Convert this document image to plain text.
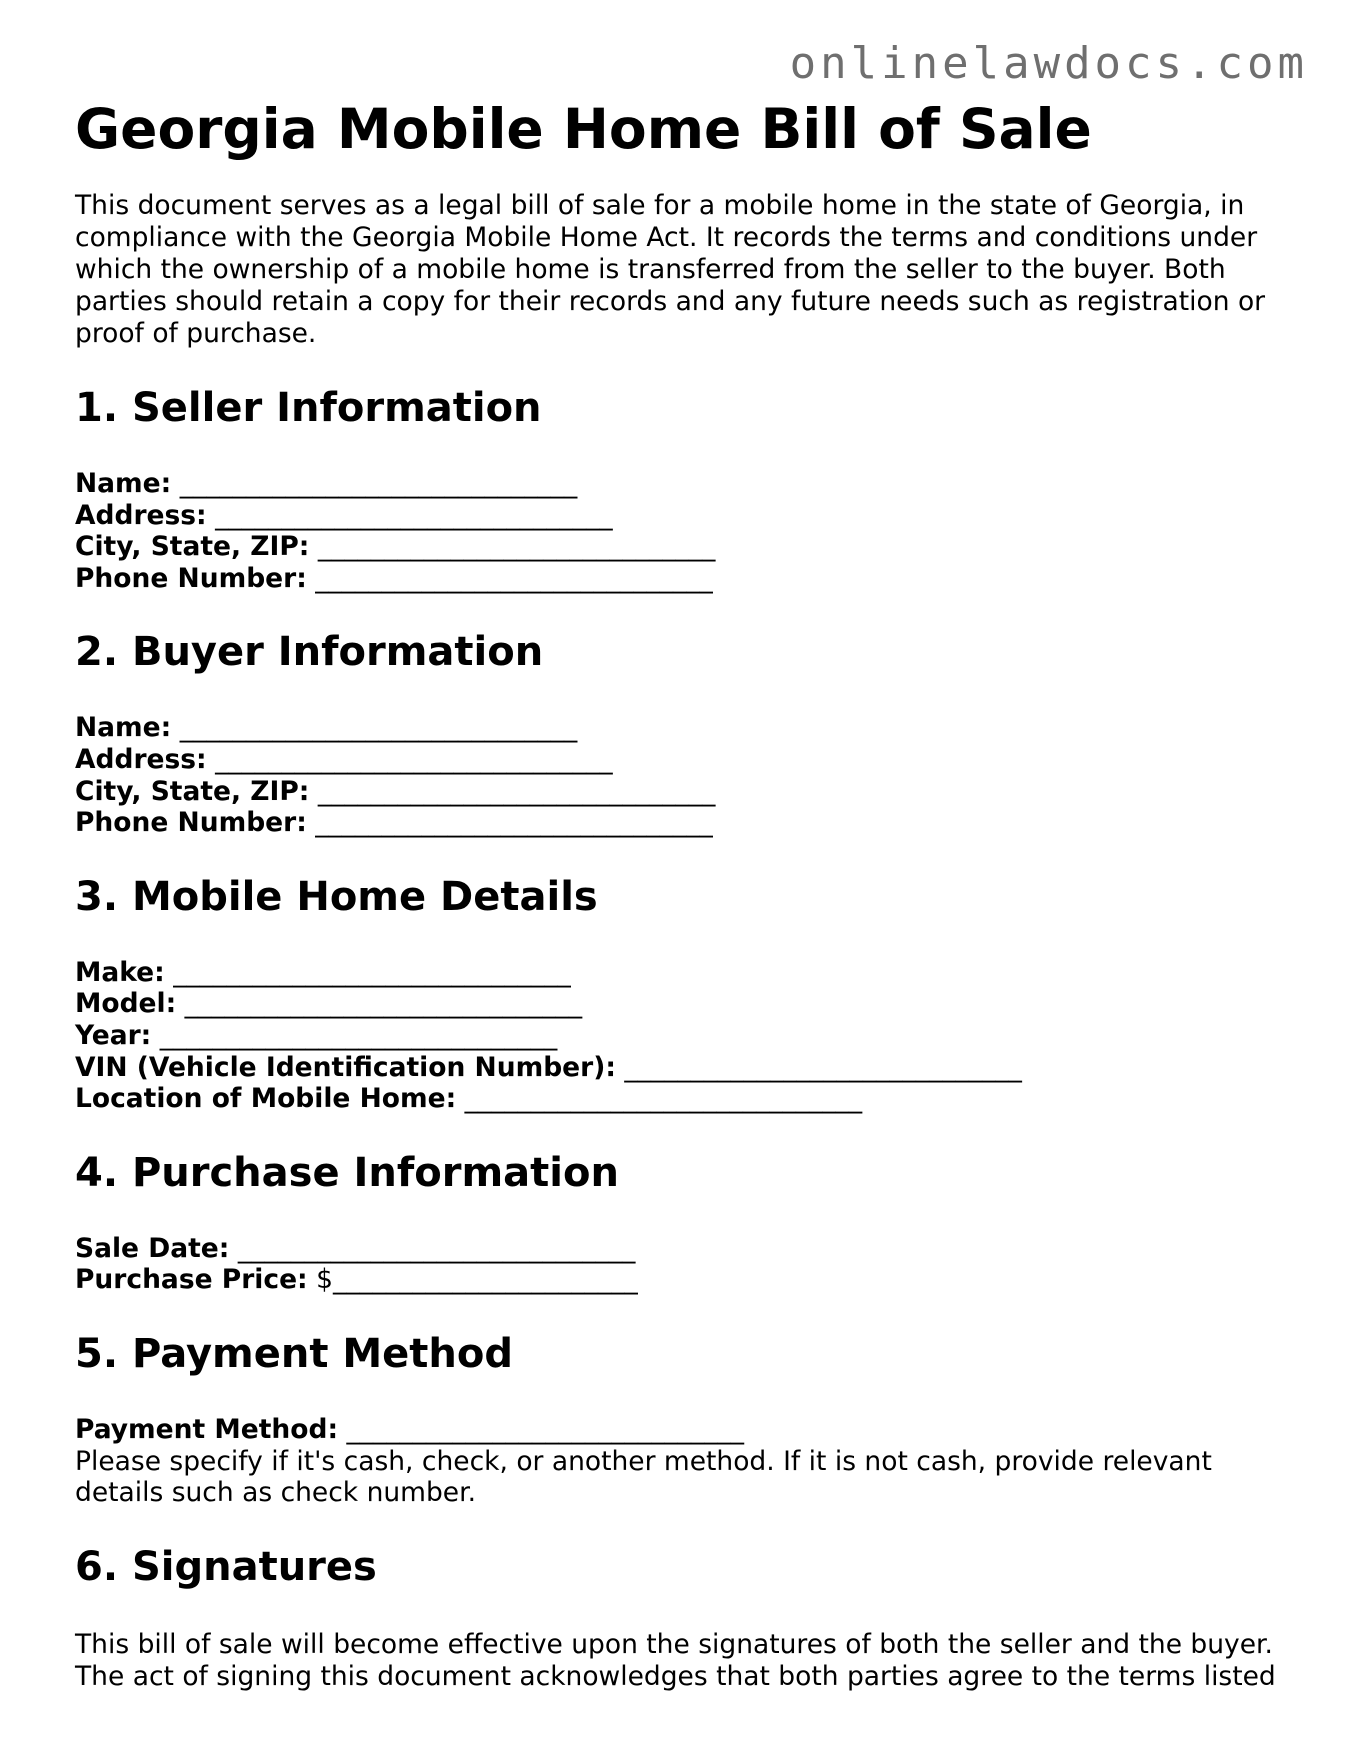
onlinelawdocs.com
Georgia Mobile Home Bill of Sale

This document serves as a legal bill of sale for a mobile home in the state of Georgia, in compliance with the Georgia Mobile Home Act. It records the terms and conditions under which the ownership of a mobile home is transferred from the seller to the buyer. Both parties should retain a copy for their records and any future needs such as registration or proof of purchase.

1. Seller Information
Name: ______________________________
Address: ______________________________
City, State, ZIP: ______________________________
Phone Number: ______________________________
2. Buyer Information
Name: ______________________________
Address: ______________________________
City, State, ZIP: ______________________________
Phone Number: ______________________________
3. Mobile Home Details
Make: ______________________________
Model: ______________________________
Year: ______________________________
VIN (Vehicle Identification Number): ______________________________
Location of Mobile Home: ______________________________
4. Purchase Information
Sale Date: ______________________________
Purchase Price: $_______________________
5. Payment Method
Payment Method: ______________________________
Please specify if it's cash, check, or another method. If it is not cash, provide relevant details such as check number.
6. Signatures

This bill of sale will become effective upon the signatures of both the seller and the buyer. The act of signing this document acknowledges that both parties agree to the terms listed
